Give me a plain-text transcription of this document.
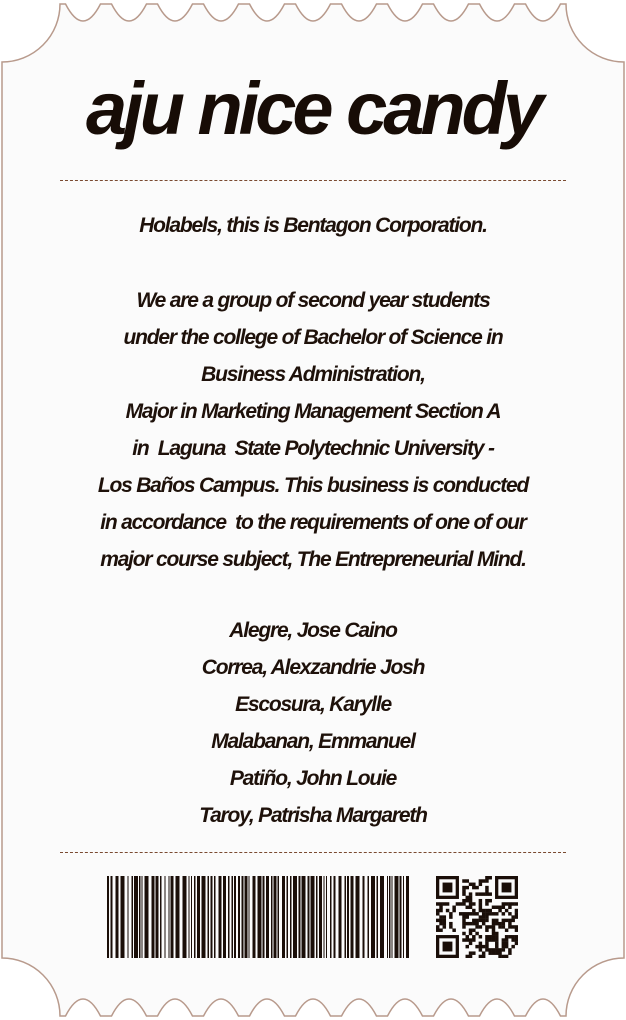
aju nice candy
Holabels, this is Bentagon Corporation.
We are a group of second year students
under the college of Bachelor of Science in
Business Administration,
Major in Marketing Management Section A
in  Laguna  State Polytechnic University -
Los Baños Campus. This business is conducted
in accordance  to the requirements of one of our
major course subject, The Entrepreneurial Mind.
Alegre, Jose Caino
Correa, Alexzandrie Josh
Escosura, Karylle
Malabanan, Emmanuel
Patiño, John Louie
Taroy, Patrisha Margareth
